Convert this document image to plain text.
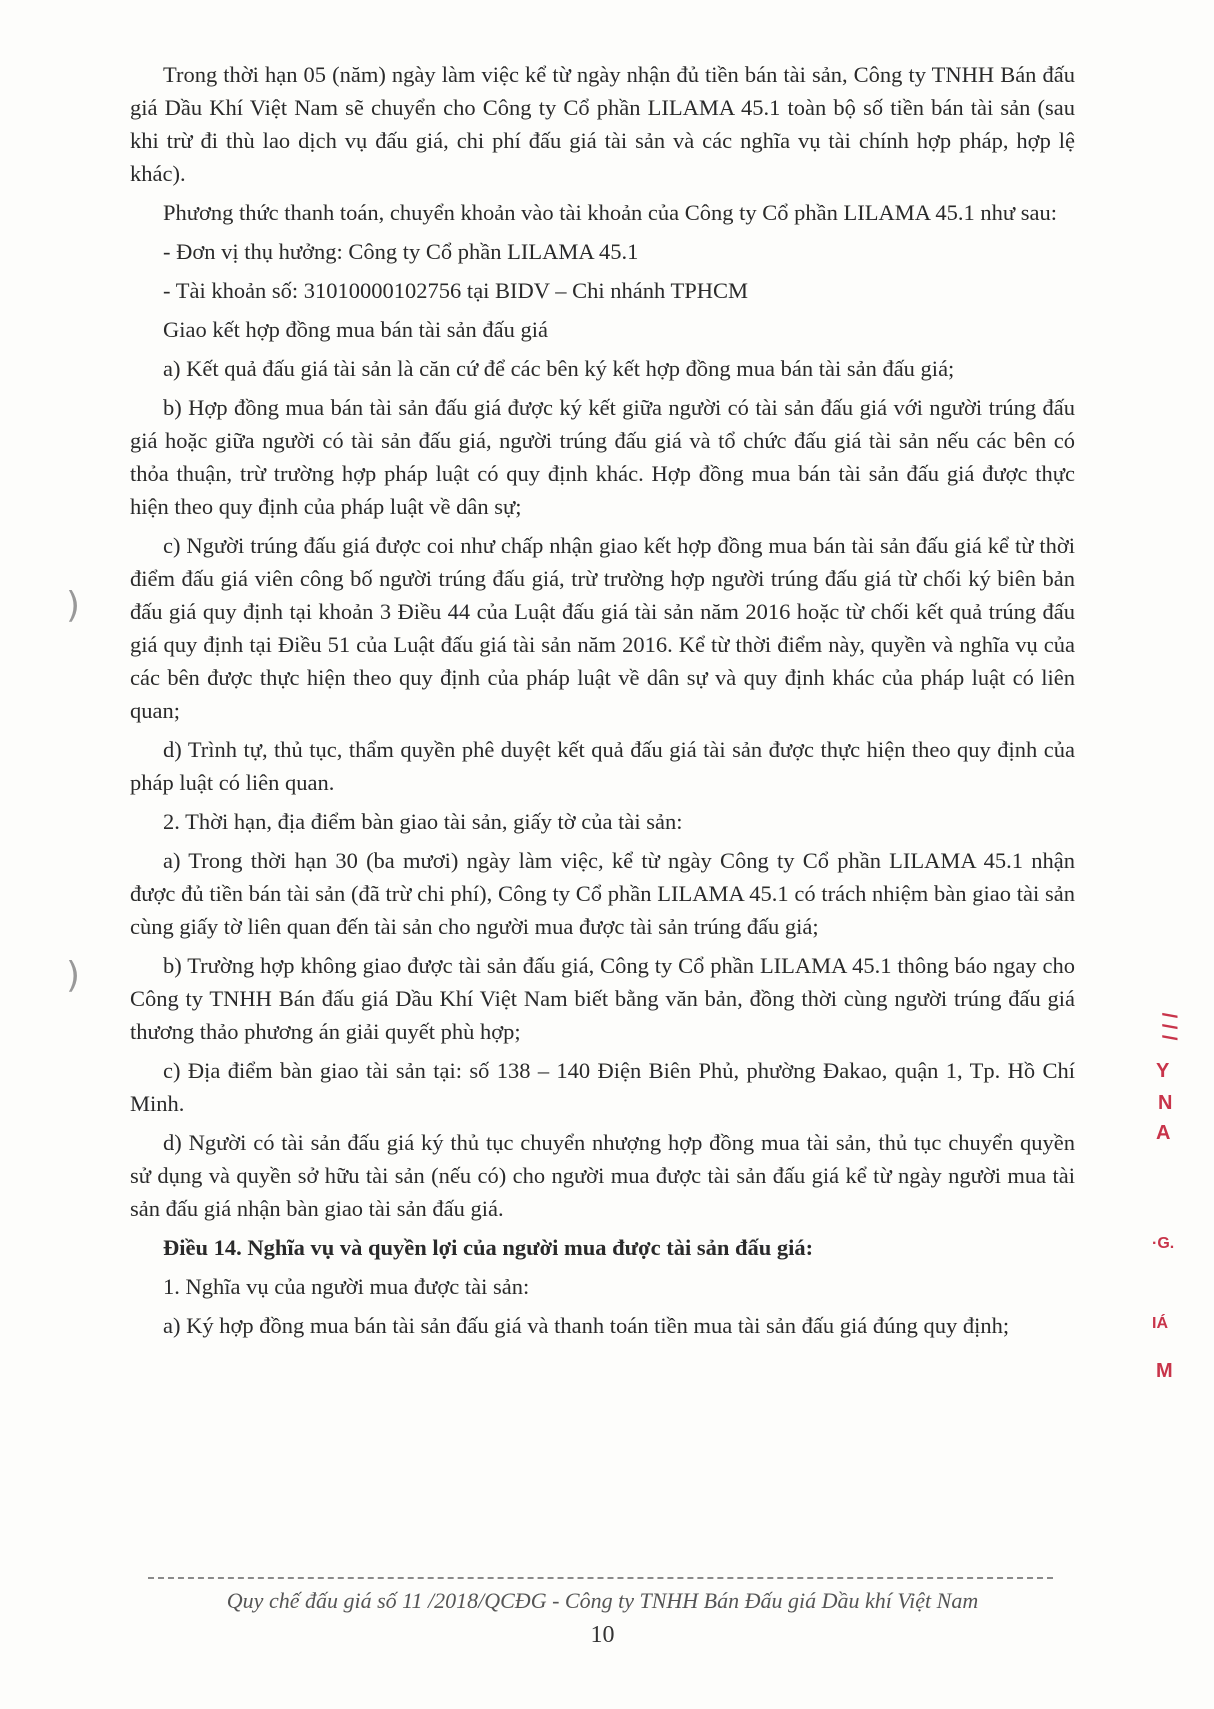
Trong thời hạn 05 (năm) ngày làm việc kể từ ngày nhận đủ tiền bán tài sản, Công ty TNHH Bán đấu giá Dầu Khí Việt Nam sẽ chuyển cho Công ty Cổ phần LILAMA 45.1 toàn bộ số tiền bán tài sản (sau khi trừ đi thù lao dịch vụ đấu giá, chi phí đấu giá tài sản và các nghĩa vụ tài chính hợp pháp, hợp lệ khác).

Phương thức thanh toán, chuyển khoản vào tài khoản của Công ty Cổ phần LILAMA 45.1 như sau:

- Đơn vị thụ hưởng: Công ty Cổ phần LILAMA 45.1

- Tài khoản số: 31010000102756 tại BIDV – Chi nhánh TPHCM

Giao kết hợp đồng mua bán tài sản đấu giá

a) Kết quả đấu giá tài sản là căn cứ để các bên ký kết hợp đồng mua bán tài sản đấu giá;

b) Hợp đồng mua bán tài sản đấu giá được ký kết giữa người có tài sản đấu giá với người trúng đấu giá hoặc giữa người có tài sản đấu giá, người trúng đấu giá và tổ chức đấu giá tài sản nếu các bên có thỏa thuận, trừ trường hợp pháp luật có quy định khác. Hợp đồng mua bán tài sản đấu giá được thực hiện theo quy định của pháp luật về dân sự;

c) Người trúng đấu giá được coi như chấp nhận giao kết hợp đồng mua bán tài sản đấu giá kể từ thời điểm đấu giá viên công bố người trúng đấu giá, trừ trường hợp người trúng đấu giá từ chối ký biên bản đấu giá quy định tại khoản 3 Điều 44 của Luật đấu giá tài sản năm 2016 hoặc từ chối kết quả trúng đấu giá quy định tại Điều 51 của Luật đấu giá tài sản năm 2016. Kể từ thời điểm này, quyền và nghĩa vụ của các bên được thực hiện theo quy định của pháp luật về dân sự và quy định khác của pháp luật có liên quan;

d) Trình tự, thủ tục, thẩm quyền phê duyệt kết quả đấu giá tài sản được thực hiện theo quy định của pháp luật có liên quan.

2. Thời hạn, địa điểm bàn giao tài sản, giấy tờ của tài sản:

a) Trong thời hạn 30 (ba mươi) ngày làm việc, kể từ ngày Công ty Cổ phần LILAMA 45.1 nhận được đủ tiền bán tài sản (đã trừ chi phí), Công ty Cổ phần LILAMA 45.1 có trách nhiệm bàn giao tài sản cùng giấy tờ liên quan đến tài sản cho người mua được tài sản trúng đấu giá;

b) Trường hợp không giao được tài sản đấu giá, Công ty Cổ phần LILAMA 45.1 thông báo ngay cho Công ty TNHH Bán đấu giá Dầu Khí Việt Nam biết bằng văn bản, đồng thời cùng người trúng đấu giá thương thảo phương án giải quyết phù hợp;

c) Địa điểm bàn giao tài sản tại: số 138 – 140 Điện Biên Phủ, phường Đakao, quận 1, Tp. Hồ Chí Minh.

d) Người có tài sản đấu giá ký thủ tục chuyển nhượng hợp đồng mua tài sản, thủ tục chuyển quyền sử dụng và quyền sở hữu tài sản (nếu có) cho người mua được tài sản đấu giá kể từ ngày người mua tài sản đấu giá nhận bàn giao tài sản đấu giá.

Điều 14. Nghĩa vụ và quyền lợi của người mua được tài sản đấu giá:

1. Nghĩa vụ của người mua được tài sản:

a) Ký hợp đồng mua bán tài sản đấu giá và thanh toán tiền mua tài sản đấu giá đúng quy định;

)
)
/ / /
Y
N
A
·G.
IÁ
M
Quy chế đấu giá số 11 /2018/QCĐG - Công ty TNHH Bán Đấu giá Dầu khí Việt Nam
10
